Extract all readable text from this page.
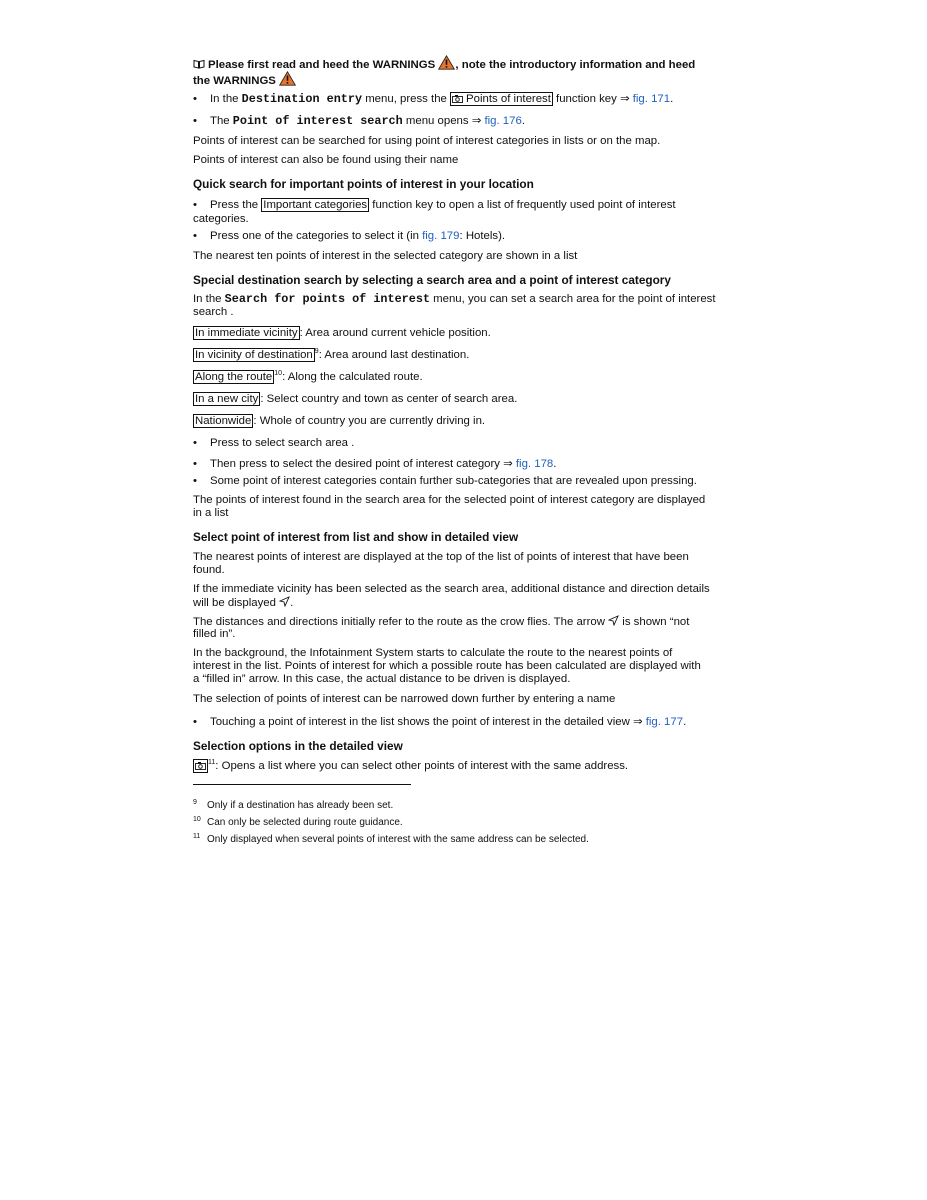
Please first read and heed the WARNINGS , note the introductory information and heed
the WARNINGS
• In the Destination entry menu, press the Points of interest function key ⇒ fig. 171.
• The Point of interest search menu opens ⇒ fig. 176.
Points of interest can be searched for using point of interest categories in lists or on the map.
Points of interest can also be found using their name
Quick search for important points of interest in your location
• Press the Important categories function key to open a list of frequently used point of interest
categories.
• Press one of the categories to select it (in fig. 179: Hotels).
The nearest ten points of interest in the selected category are shown in a list
Special destination search by selecting a search area and a point of interest category
In the Search for points of interest menu, you can set a search area for the point of interest
search .
In immediate vicinity : Area around current vehicle position.
In vicinity of destination $^9$: Area around last destination.
Along the route $^{10}$: Along the calculated route.
In a new city : Select country and town as center of search area.
Nationwide : Whole of country you are currently driving in.
• Press to select search area .
• Then press to select the desired point of interest category ⇒ fig. 178.
• Some point of interest categories contain further sub-categories that are revealed upon pressing.
The points of interest found in the search area for the selected point of interest category are displayed
in a list
Select point of interest from list and show in detailed view
The nearest points of interest are displayed at the top of the list of points of interest that have been
found.
If the immediate vicinity has been selected as the search area, additional distance and direction details
will be displayed .
The distances and directions initially refer to the route as the crow flies. The arrow  is shown “not
filled in”.
In the background, the Infotainment System starts to calculate the route to the nearest points of
interest in the list. Points of interest for which a possible route has been calculated are displayed with
a “filled in” arrow. In this case, the actual distance to be driven is displayed.
The selection of points of interest can be narrowed down further by entering a name
• Touching a point of interest in the list shows the point of interest in the detailed view ⇒ fig. 177.
Selection options in the detailed view
$^{11}$: Opens a list where you can select other points of interest with the same address.
9 Only if a destination has already been set.
10 Can only be selected during route guidance.
11 Only displayed when several points of interest with the same address can be selected.
